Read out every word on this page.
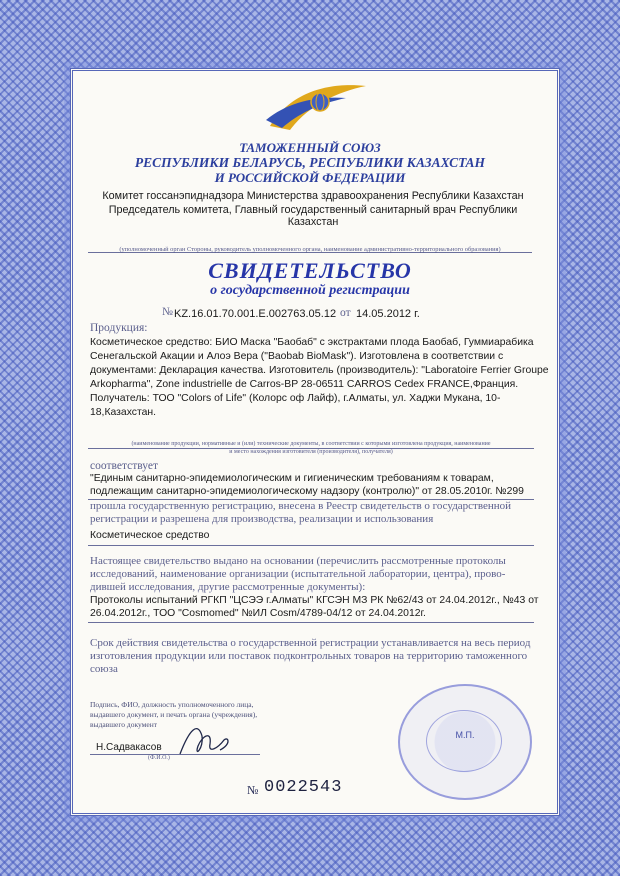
ТАМОЖЕННЫЙ СОЮЗ
РЕСПУБЛИКИ БЕЛАРУСЬ, РЕСПУБЛИКИ КАЗАХСТАН
И РОССИЙСКОЙ ФЕДЕРАЦИИ
Комитет госсанэпиднадзора Министерства здравоохранения Республики Казахстан
Председатель комитета, Главный государственный санитарный врач Республики Казахстан
(уполномоченный орган Стороны, руководитель уполномоченного органа, наименование административно-территориального образования)
СВИДЕТЕЛЬСТВО
о государственной регистрации
№ KZ.16.01.70.001.E.002763.05.12 от 14.05.2012 г.
Продукция:
Косметическое средство: БИО Маска "Баобаб" с экстрактами плода Баобаб, Гуммиарабика
Сенегальской Акации и Алоэ Вера ("Baobab BioMask"). Изготовлена в соответствии с
документами: Декларация качества. Изготовитель (производитель): "Laboratoire Ferrier Groupe
Arkopharma", Zone industrielle de Carros-BP 28-06511 CARROS Cedex FRANCE,Франция.
Получатель: ТОО "Colors of Life" (Колорс оф Лайф), г.Алматы, ул. Хаджи Мукана, 10-
18,Казахстан.
(наименование продукции, нормативные и (или) технические документы, в соответствии с которыми изготовлена продукция, наименование
и место нахождения изготовителя (производителя), получателя)
соответствует
"Единым санитарно-эпидемиологическим и гигиеническим требованиям к товарам,
подлежащим санитарно-эпидемиологическому надзору (контролю)" от 28.05.2010г. №299
прошла государственную регистрацию, внесена в Реестр свидетельств о государственной
регистрации и разрешена для производства, реализации и использования
Косметическое средство
Настоящее свидетельство выдано на основании (перечислить рассмотренные протоколы
исследований, наименование организации (испытательной лаборатории, центра), прово-
дившей исследования, другие рассмотренные документы):
Протоколы испытаний РГКП "ЦСЭЭ г.Алматы" КГСЭН МЗ РК №62/43 от 24.04.2012г., №43 от
26.04.2012г., ТОО "Cosmomed" №ИЛ Cosm/4789-04/12 от 24.04.2012г.
Срок действия свидетельства о государственной регистрации устанавливается на весь период
изготовления продукции или поставок подконтрольных товаров на территорию таможенного
союза
Подпись, ФИО, должность уполномоченного лица,
выдавшего документ, и печать органа (учреждения),
выдавшего документ
Н.Садвакасов
(Ф.И.О.)
М.П.
№ 0022543
